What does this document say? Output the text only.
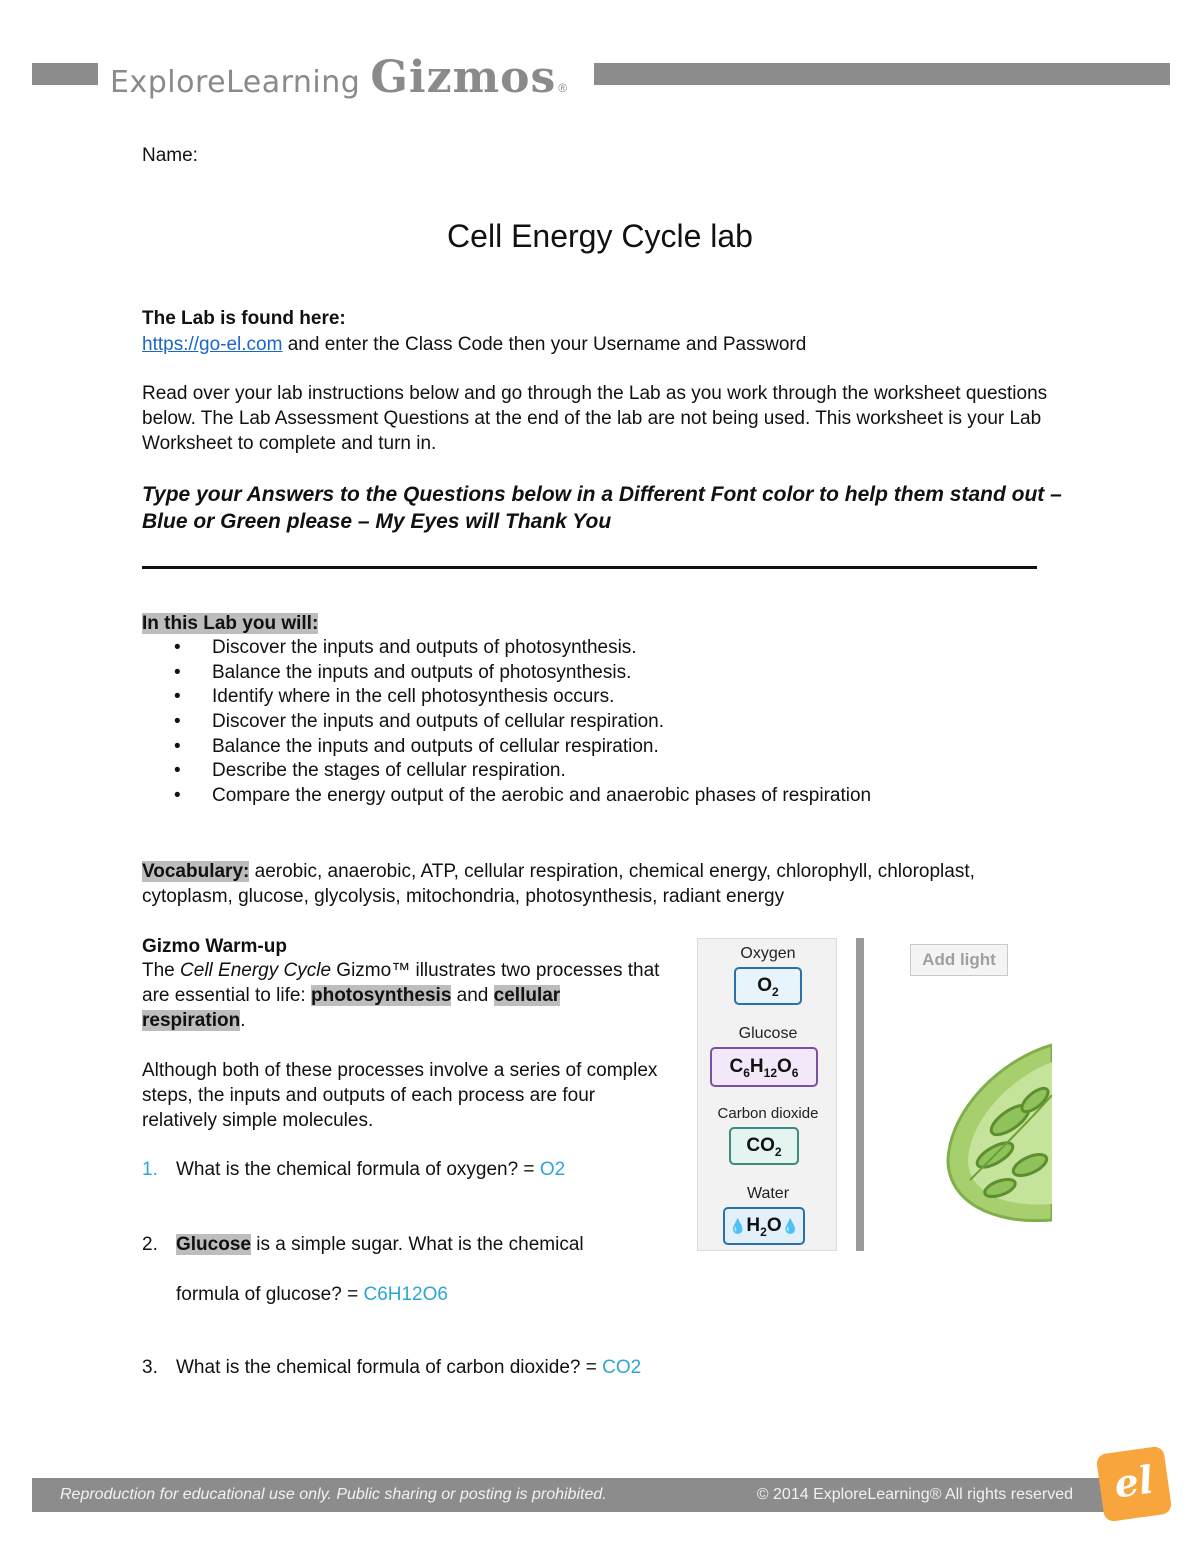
ExploreLearning Gizmos ®
Name:
Cell Energy Cycle lab
The Lab is found here:
https://go-el.com and enter the Class Code then your Username and Password
Read over your lab instructions below and go through the Lab as you work through the worksheet questions below. The Lab Assessment Questions at the end of the lab are not being used. This worksheet is your Lab Worksheet to complete and turn in.
Type your Answers to the Questions below in a Different Font color to help them stand out – Blue or Green please – My Eyes will Thank You
In this Lab you will:
• Discover the inputs and outputs of photosynthesis.
• Balance the inputs and outputs of photosynthesis.
• Identify where in the cell photosynthesis occurs.
• Discover the inputs and outputs of cellular respiration.
• Balance the inputs and outputs of cellular respiration.
• Describe the stages of cellular respiration.
• Compare the energy output of the aerobic and anaerobic phases of respiration
Vocabulary: aerobic, anaerobic, ATP, cellular respiration, chemical energy, chlorophyll, chloroplast, cytoplasm, glucose, glycolysis, mitochondria, photosynthesis, radiant energy
Gizmo Warm-up
The Cell Energy Cycle Gizmo™ illustrates two processes that are essential to life: photosynthesis and cellular respiration.
Although both of these processes involve a series of complex steps, the inputs and outputs of each process are four relatively simple molecules.
1. What is the chemical formula of oxygen? = O2
2. Glucose is a simple sugar. What is the chemical
formula of glucose? = C6H12O6
3. What is the chemical formula of carbon dioxide? = CO2
Oxygen
$O_2$
Glucose
$C_6H_{12}O_6$
Carbon dioxide
$CO_2$
Water
$💧H_2O💧$
Add light
Reproduction for educational use only. Public sharing or posting is prohibited.	© 2014 ExploreLearning® All rights reserved	el
